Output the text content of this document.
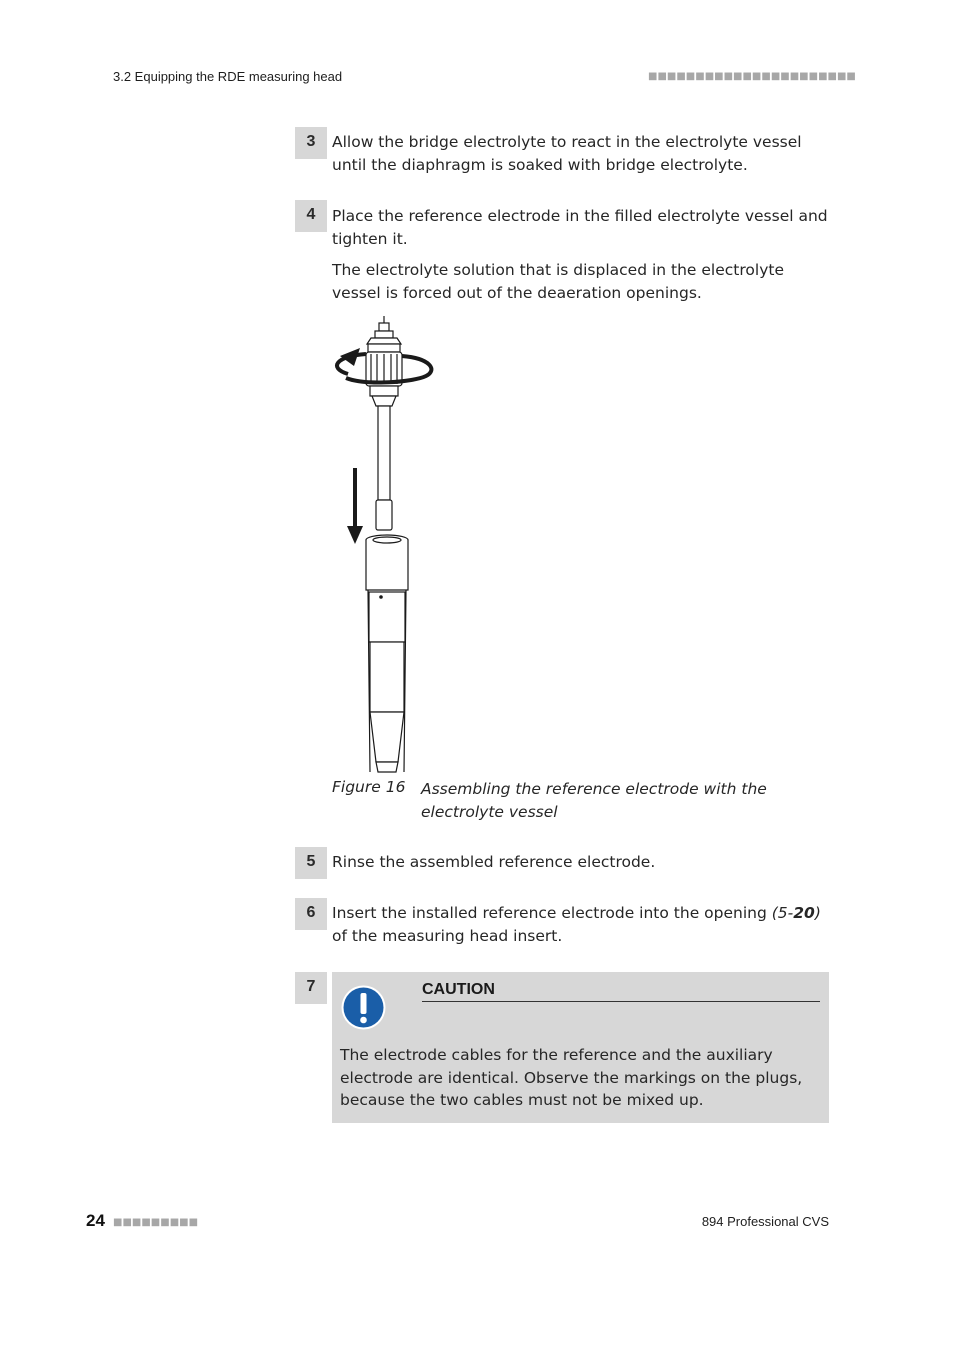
3.2 Equipping the RDE measuring head	■■■■■■■■■■■■■■■■■■■■■■
3	Allow the bridge electrolyte to react in the electrolyte vessel until the diaphragm is soaked with bridge electrolyte.
4	Place the reference electrode in the filled electrolyte vessel and tighten it.
The electrolyte solution that is displaced in the electrolyte vessel is forced out of the deaeration openings.
Figure 16 Assembling the reference electrode with the electrolyte vessel
5	Rinse the assembled reference electrode.
6	Insert the installed reference electrode into the opening (5-20) of the measuring head insert.
7	CAUTION
The electrode cables for the reference and the auxiliary electrode are identical. Observe the markings on the plugs, because the two cables must not be mixed up.
24 ■■■■■■■■■	894 Professional CVS
